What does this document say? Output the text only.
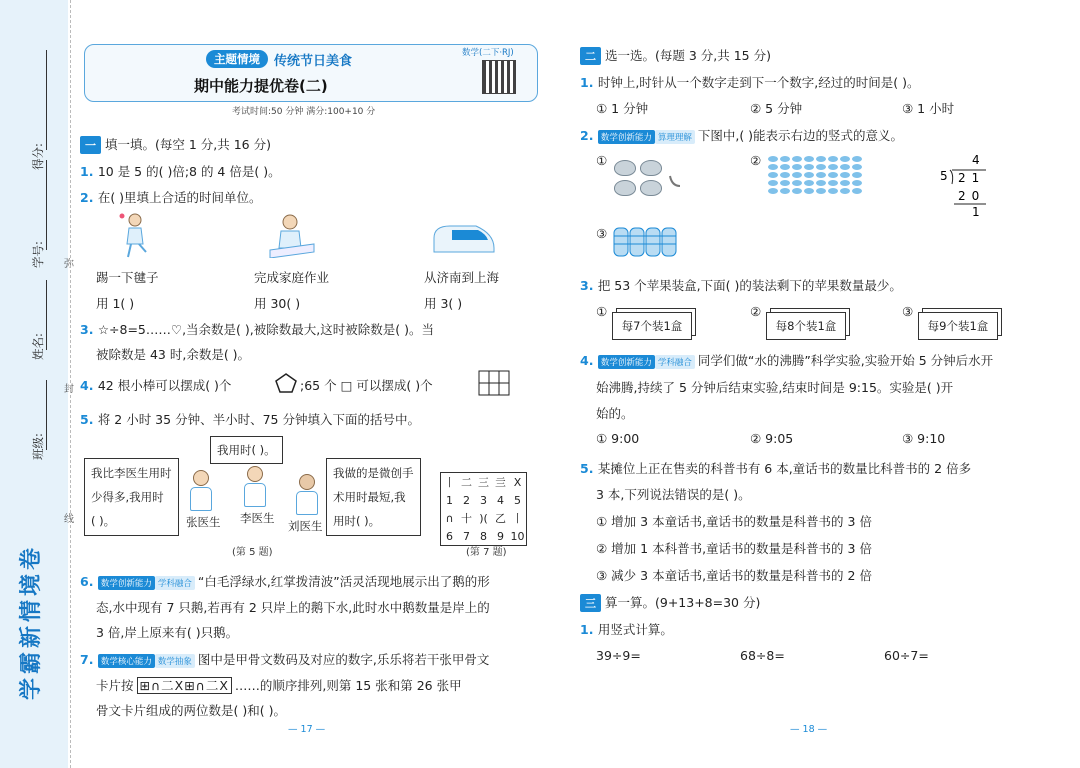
得分:
学号:
姓名:
班级:
弥
封
线
学霸新情境卷
主题情境	传统节日美食
数学(二下·RJ)
期中能力提优卷(二)
考试时间:50 分钟 满分:100+10 分
一 填一填。(每空 1 分,共 16 分)
1. 10 是 5 的( )倍;8 的 4 倍是( )。
2. 在( )里填上合适的时间单位。
踢一下毽子
用 1( )
完成家庭作业
用 30( )
从济南到上海
用 3( )
3. ☆÷8=5……♡,当余数是( ),被除数最大,这时被除数是( )。当
被除数是 43 时,余数是( )。
4. 42 根小棒可以摆成( )个	;65 个 □ 可以摆成( )个
5. 将 2 小时 35 分钟、半小时、75 分钟填入下面的括号中。
我用时( )。
我比李医生用时
少得多,我用时
( )。
我做的是微创手
术用时最短,我
用时( )。
张医生 李医生
刘医生
丨	二	三	亖	X
1	2	3	4	5
∩	十	)(	乙	丨
6	7	8	9	10
(第 5 题)	(第 7 题)
6. 数学创新能力 学科融合 “白毛浮绿水,红掌拨清波”活灵活现地展示出了鹅的形
态,水中现有 7 只鹅,若再有 2 只岸上的鹅下水,此时水中鹅数量是岸上的
3 倍,岸上原来有( )只鹅。
7. 数学核心能力 数学抽象 图中是甲骨文数码及对应的数字,乐乐将若干张甲骨文
卡片按 ⊞∩二X⊞∩二X ……的顺序排列,则第 15 张和第 26 张甲
骨文卡片组成的两位数是( )和( )。
— 17 —
二 选一选。(每题 3 分,共 15 分)
1. 时钟上,时针从一个数字走到下一个数字,经过的时间是( )。
① 1 分钟	② 5 分钟	③ 1 小时
2. 数学创新能力 算理理解 下图中,( )能表示右边的竖式的意义。
①	②	4
5 21
20
1
③
3. 把 53 个苹果装盒,下面( )的装法剩下的苹果数量最少。
①
每7个装1盒
②
每8个装1盒
③
每9个装1盒
4. 数学创新能力 学科融合 同学们做“水的沸腾”科学实验,实验开始 5 分钟后水开
始沸腾,持续了 5 分钟后结束实验,结束时间是 9:15。实验是( )开
始的。
① 9:00	② 9:05	③ 9:10
5. 某摊位上正在售卖的科普书有 6 本,童话书的数量比科普书的 2 倍多
3 本,下列说法错误的是( )。
① 增加 3 本童话书,童话书的数量是科普书的 3 倍
② 增加 1 本科普书,童话书的数量是科普书的 3 倍
③ 减少 3 本童话书,童话书的数量是科普书的 2 倍
三 算一算。(9+13+8=30 分)
1. 用竖式计算。
39÷9=	68÷8=	60÷7=
— 18 —
